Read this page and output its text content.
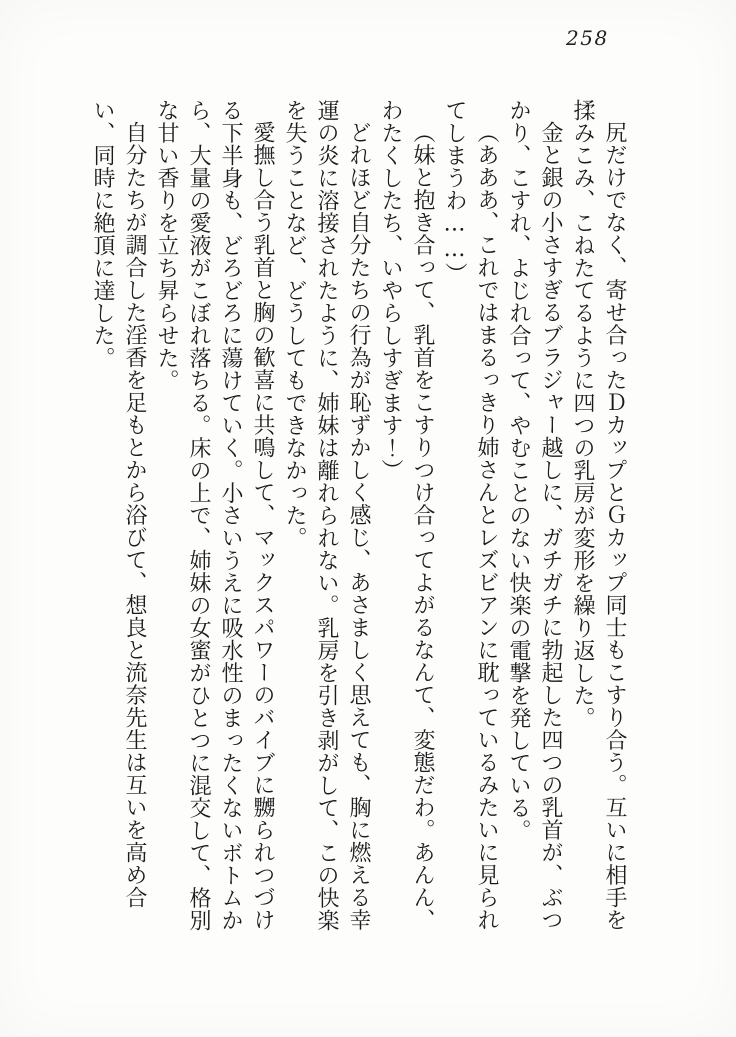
258

尻だけでなく、寄せ合ったＤカップとＧカップ同士もこすり合う。互いに相手を揉みこみ、こねたてるように四つの乳房が変形を繰り返した。

金と銀の小さすぎるブラジャー越しに、ガチガチに勃起した四つの乳首が、ぶつかり、こすれ、よじれ合って、やむことのない快楽の電撃を発している。

（あああ、これではまるっきり姉さんとレズビアンに耽っているみたいに見られてしまうわ……）

（妹と抱き合って、乳首をこすりつけ合ってよがるなんて、変態だわ。あんん、わたくしたち、いやらしすぎます！）

どれほど自分たちの行為が恥ずかしく感じ、あさましく思えても、胸に燃える幸運の炎に溶接されたように、姉妹は離れられない。乳房を引き剥がして、この快楽を失うことなど、どうしてもできなかった。

愛撫し合う乳首と胸の歓喜に共鳴して、マックスパワーのバイブに嬲られつづける下半身も、どろどろに蕩けていく。小さいうえに吸水性のまったくないボトムから、大量の愛液がこぼれ落ちる。床の上で、姉妹の女蜜がひとつに混交して、格別な甘い香りを立ち昇らせた。

自分たちが調合した淫香を足もとから浴びて、想良と流奈先生は互いを高め合い、同時に絶頂に達した。
